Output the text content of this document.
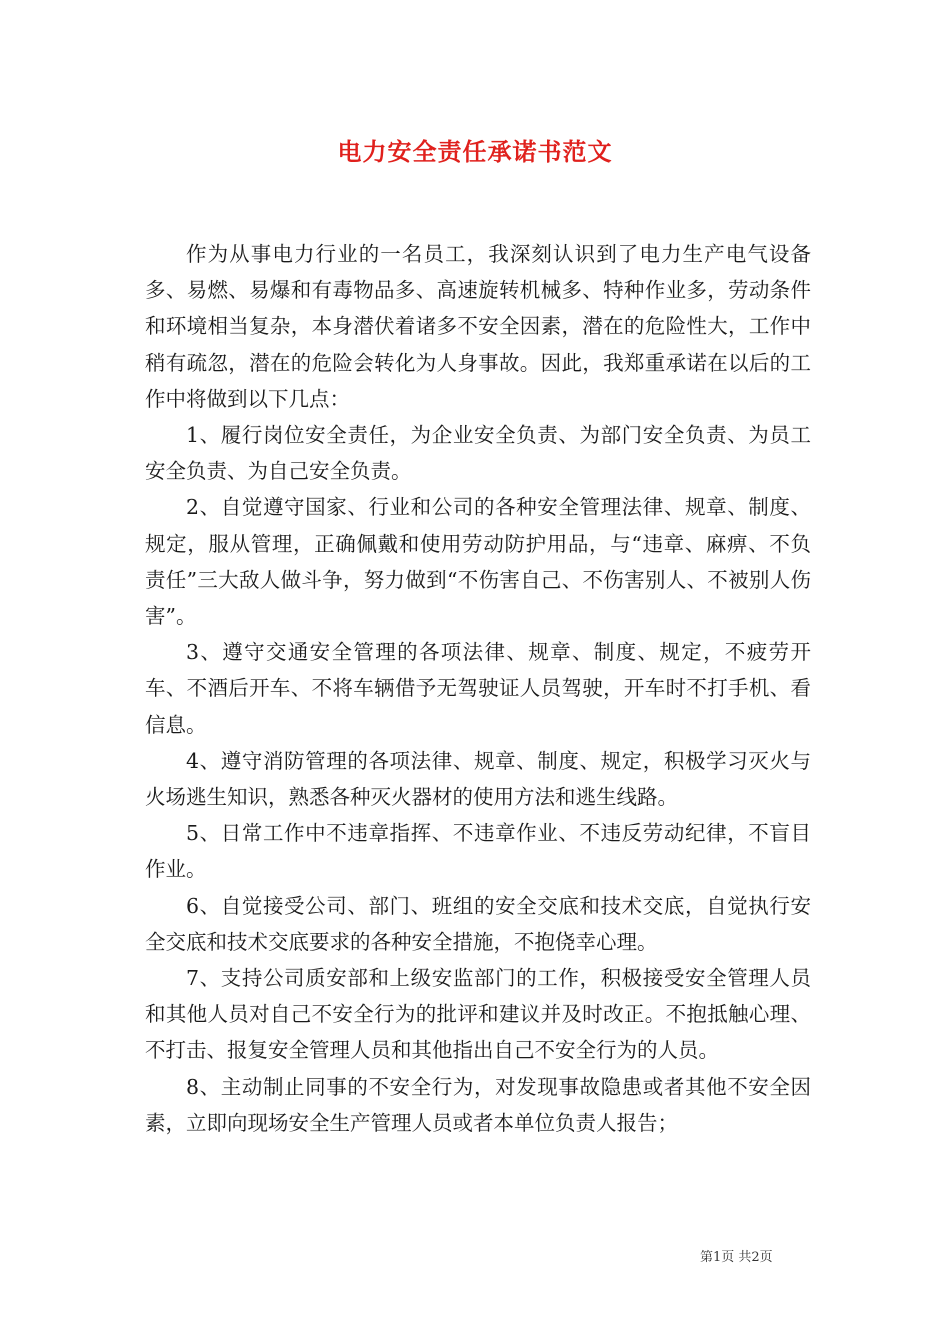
电力安全责任承诺书范文

作为从事电力行业的一名员工，我深刻认识到了电力生产电气设备多、易燃、易爆和有毒物品多、高速旋转机械多、特种作业多，劳动条件和环境相当复杂，本身潜伏着诸多不安全因素，潜在的危险性大，工作中稍有疏忽，潜在的危险会转化为人身事故。因此，我郑重承诺在以后的工作中将做到以下几点：

1、履行岗位安全责任，为企业安全负责、为部门安全负责、为员工安全负责、为自己安全负责。

2、自觉遵守国家、行业和公司的各种安全管理法律、规章、制度、规定，服从管理，正确佩戴和使用劳动防护用品，与“违章、麻痹、不负责任”三大敌人做斗争，努力做到“不伤害自己、不伤害别人、不被别人伤害”。

3、遵守交通安全管理的各项法律、规章、制度、规定，不疲劳开车、不酒后开车、不将车辆借予无驾驶证人员驾驶，开车时不打手机、看信息。

4、遵守消防管理的各项法律、规章、制度、规定，积极学习灭火与火场逃生知识，熟悉各种灭火器材的使用方法和逃生线路。

5、日常工作中不违章指挥、不违章作业、不违反劳动纪律，不盲目作业。

6、自觉接受公司、部门、班组的安全交底和技术交底，自觉执行安全交底和技术交底要求的各种安全措施，不抱侥幸心理。

7、支持公司质安部和上级安监部门的工作，积极接受安全管理人员和其他人员对自己不安全行为的批评和建议并及时改正。不抱抵触心理、不打击、报复安全管理人员和其他指出自己不安全行为的人员。

8、主动制止同事的不安全行为，对发现事故隐患或者其他不安全因素，立即向现场安全生产管理人员或者本单位负责人报告；

第1页 共2页
